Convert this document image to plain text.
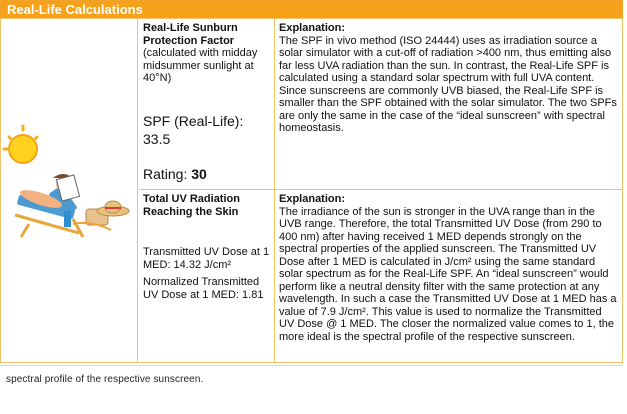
Real-Life Calculations
Real-Life Sunburn Protection Factor
(calculated with midday midsummer sunlight at 40°N)
SPF (Real-Life): 33.5
Rating: 30
Explanation:
The SPF in vivo method (ISO 24444) uses as irradiation source a solar simulator with a cut-off of radiation >400 nm, thus emitting also far less UVA radiation than the sun. In contrast, the Real-Life SPF is calculated using a standard solar spectrum with full UVA content. Since sunscreens are commonly UVB biased, the Real-Life SPF is smaller than the SPF obtained with the solar simulator. The two SPFs are only the same in the case of the “ideal sunscreen” with spectral homeostasis.
Total UV Radiation Reaching the Skin
Transmitted UV Dose at 1 MED: 14.32 J/cm²
Normalized Transmitted UV Dose at 1 MED: 1.81
Explanation:
The irradiance of the sun is stronger in the UVA range than in the UVB range. Therefore, the total Transmitted UV Dose (from 290 to 400 nm) after having received 1 MED depends strongly on the spectral properties of the applied sunscreen. The Transmitted UV Dose after 1 MED is calculated in J/cm² using the same standard solar spectrum as for the Real-Life SPF. An “ideal sunscreen” would perform like a neutral density filter with the same protection at any wavelength. In such a case the Transmitted UV Dose at 1 MED has a value of 7.9 J/cm². This value is used to normalize the Transmitted UV Dose @ 1 MED. The closer the normalized value comes to 1, the more ideal is the spectral profile of the respective sunscreen.
spectral profile of the respective sunscreen.
